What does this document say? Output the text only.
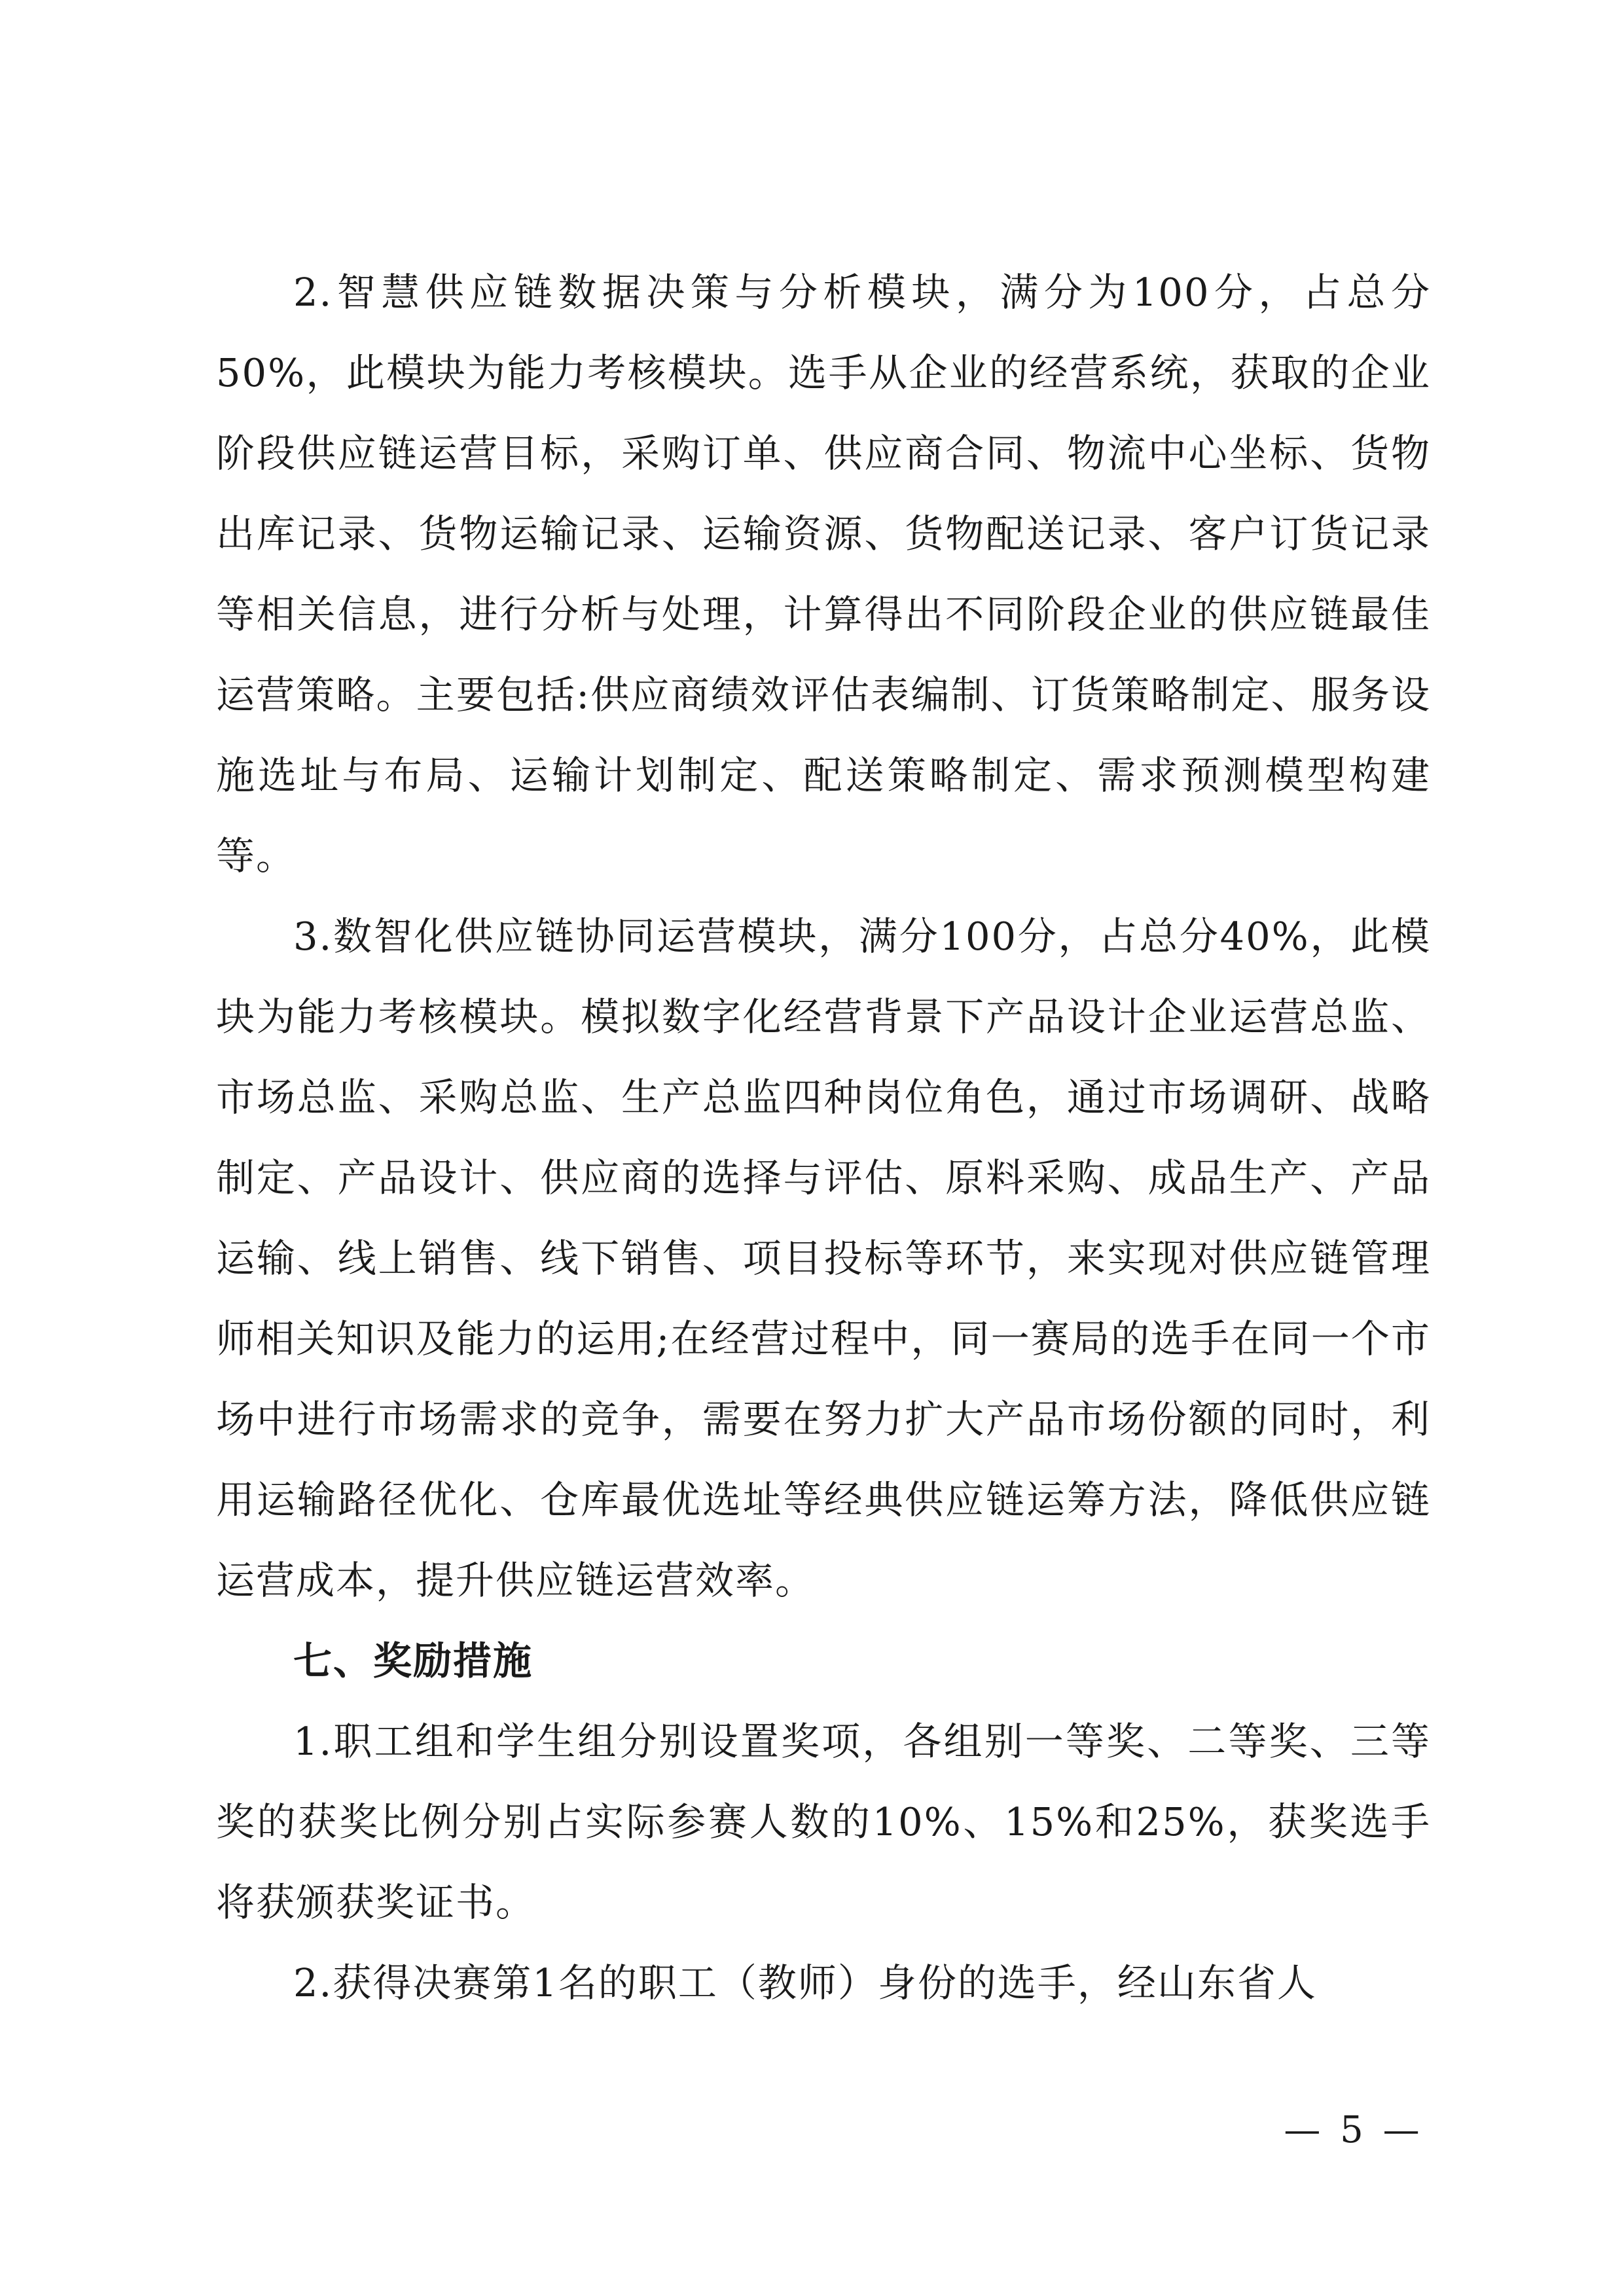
2.智慧供应链数据决策与分析模块，满分为100分，占总分50%，此模块为能力考核模块。选手从企业的经营系统，获取的企业阶段供应链运营目标，采购订单、供应商合同、物流中心坐标、货物出库记录、货物运输记录、运输资源、货物配送记录、客户订货记录等相关信息，进行分析与处理，计算得出不同阶段企业的供应链最佳运营策略。主要包括:供应商绩效评估表编制、订货策略制定、服务设施选址与布局、运输计划制定、配送策略制定、需求预测模型构建等。

3.数智化供应链协同运营模块，满分100分，占总分40%，此模块为能力考核模块。模拟数字化经营背景下产品设计企业运营总监、市场总监、采购总监、生产总监四种岗位角色，通过市场调研、战略制定、产品设计、供应商的选择与评估、原料采购、成品生产、产品运输、线上销售、线下销售、项目投标等环节，来实现对供应链管理师相关知识及能力的运用;在经营过程中，同一赛局的选手在同一个市场中进行市场需求的竞争，需要在努力扩大产品市场份额的同时，利用运输路径优化、仓库最优选址等经典供应链运筹方法，降低供应链运营成本，提升供应链运营效率。

七、奖励措施

1.职工组和学生组分别设置奖项，各组别一等奖、二等奖、三等奖的获奖比例分别占实际参赛人数的10%、15%和25%，获奖选手将获颁获奖证书。

2.获得决赛第1名的职工（教师）身份的选手，经山东省人

— 5 —
